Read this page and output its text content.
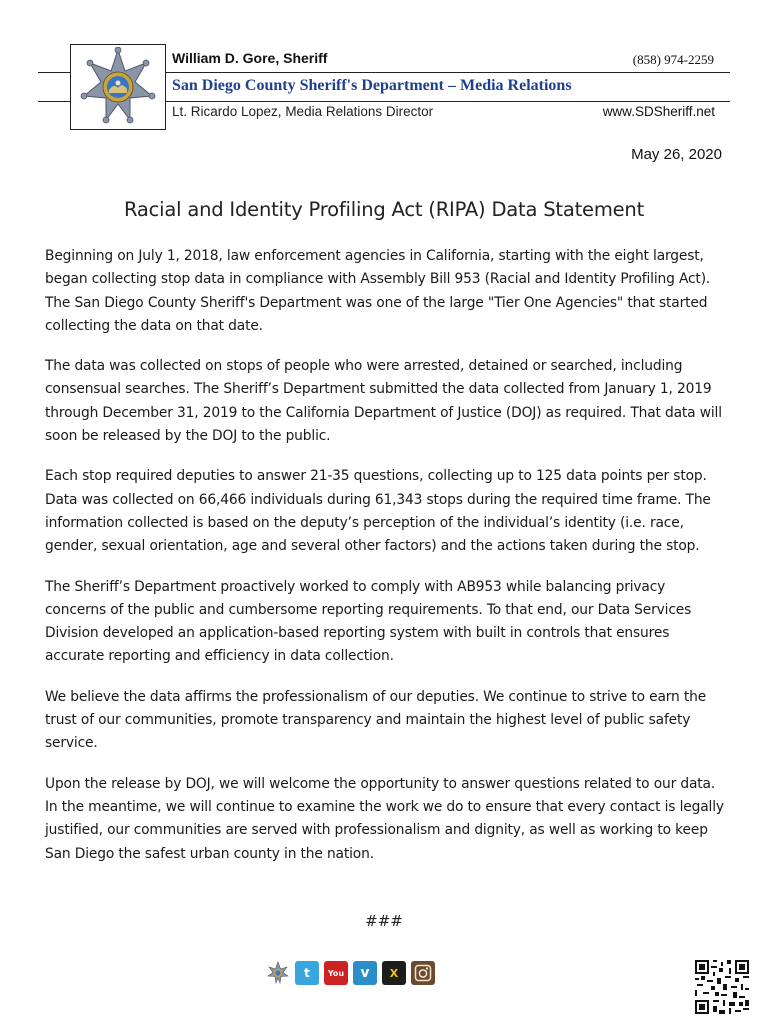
William D. Gore, Sheriff	(858) 974-2259
San Diego County Sheriff's Department – Media Relations
Lt. Ricardo Lopez, Media Relations Director	www.SDSheriff.net
May 26, 2020
Racial and Identity Profiling Act (RIPA) Data Statement

Beginning on July 1, 2018, law enforcement agencies in California, starting with the eight largest, began collecting stop data in compliance with Assembly Bill 953 (Racial and Identity Profiling Act). The San Diego County Sheriff's Department was one of the large "Tier One Agencies" that started collecting the data on that date.

The data was collected on stops of people who were arrested, detained or searched, including consensual searches. The Sheriff’s Department submitted the data collected from January 1, 2019 through December 31, 2019 to the California Department of Justice (DOJ) as required. That data will soon be released by the DOJ to the public.

Each stop required deputies to answer 21-35 questions, collecting up to 125 data points per stop. Data was collected on 66,466 individuals during 61,343 stops during the required time frame. The information collected is based on the deputy’s perception of the individual’s identity (i.e. race, gender, sexual orientation, age and several other factors) and the actions taken during the stop.

The Sheriff’s Department proactively worked to comply with AB953 while balancing privacy concerns of the public and cumbersome reporting requirements. To that end, our Data Services Division developed an application-based reporting system with built in controls that ensures accurate reporting and efficiency in data collection.

We believe the data affirms the professionalism of our deputies. We continue to strive to earn the trust of our communities, promote transparency and maintain the highest level of public safety service.

Upon the release by DOJ, we will welcome the opportunity to answer questions related to our data. In the meantime, we will continue to examine the work we do to ensure that every contact is legally justified, our communities are served with professionalism and dignity, as well as working to keep San Diego the safest urban county in the nation.

###
t	You	v	X
